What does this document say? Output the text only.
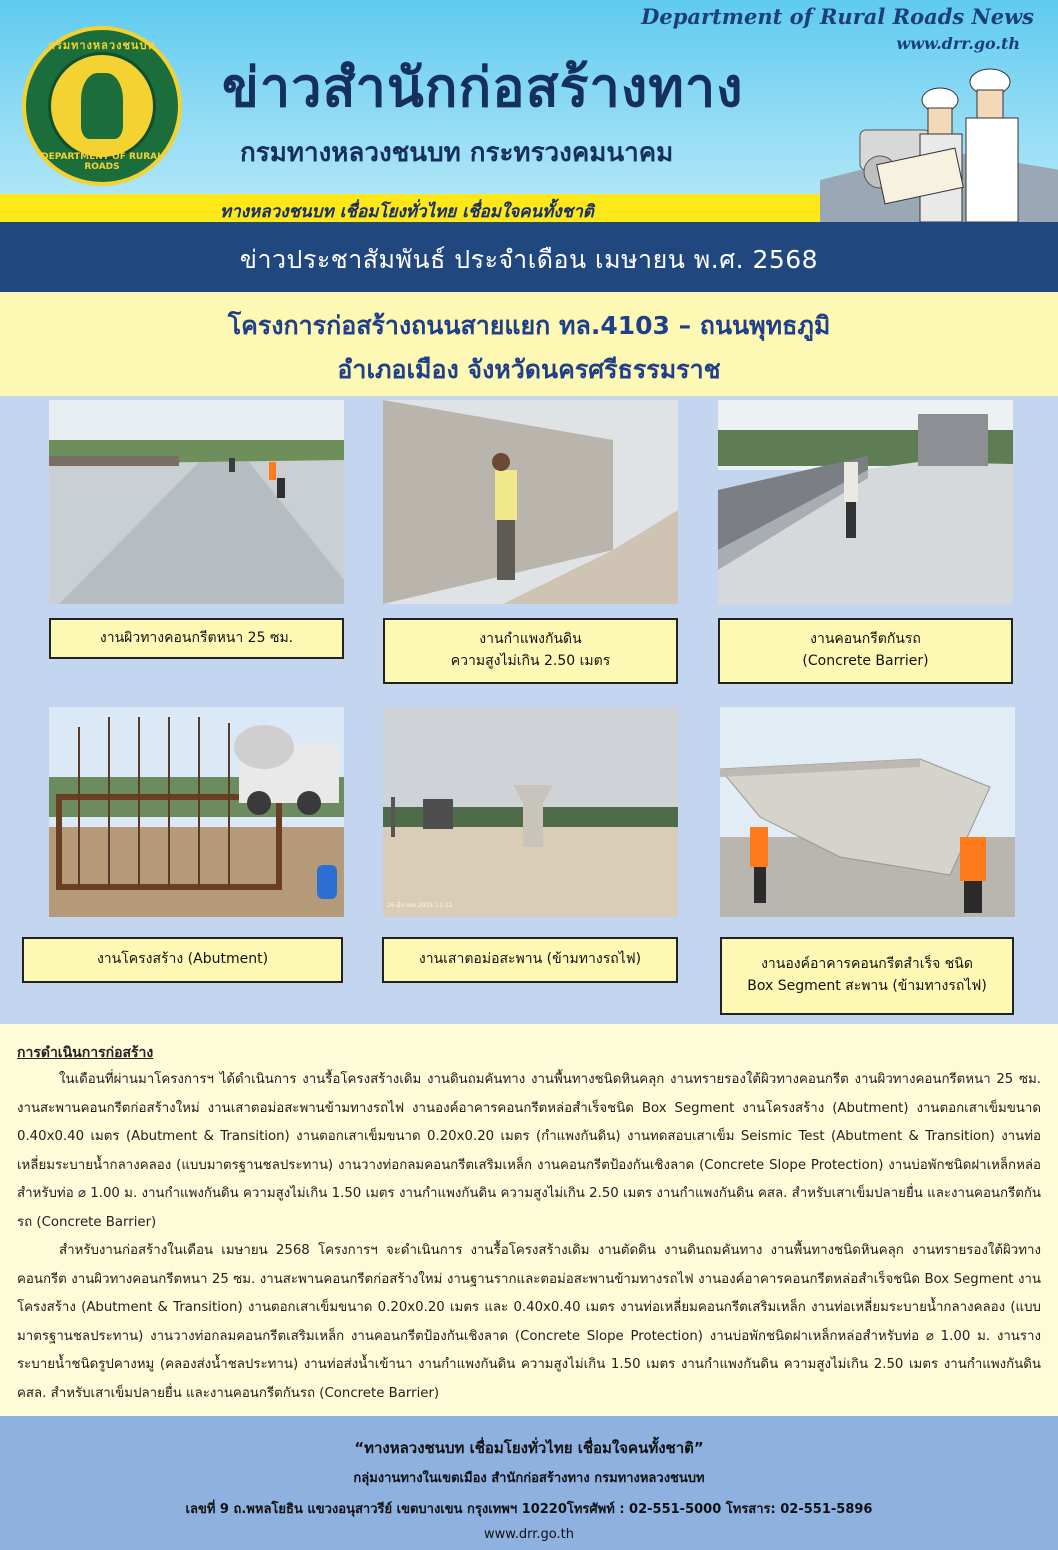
กรมทางหลวงชนบท
DEPARTMENT OF RURAL ROADS
Department of Rural Roads News
www.drr.go.th
ข่าวสำนักก่อสร้างทาง
กรมทางหลวงชนบท กระทรวงคมนาคม
ทางหลวงชนบท เชื่อมโยงทั่วไทย เชื่อมใจคนทั้งชาติ
ข่าวประชาสัมพันธ์ ประจำเดือน เมษายน พ.ศ. 2568
โครงการก่อสร้างถนนสายแยก ทล.4103 – ถนนพุทธภูมิ
อำเภอเมือง จังหวัดนครศรีธรรมราช
งานผิวทางคอนกรีตหนา 25 ซม.	งานกำแพงกันดิน
ความสูงไม่เกิน 2.50 เมตร
งานคอนกรีตกันรถ
(Concrete Barrier)
งานโครงสร้าง (Abutment)
26 มีนาคม 2025 11:22
งานเสาตอม่อสะพาน (ข้ามทางรถไฟ)	งานองค์อาคารคอนกรีตสำเร็จ ชนิด
Box Segment สะพาน (ข้ามทางรถไฟ)
การดำเนินการก่อสร้าง

ในเดือนที่ผ่านมาโครงการฯ ได้ดำเนินการ งานรื้อโครงสร้างเดิม งานดินถมคันทาง งานพื้นทางชนิดหินคลุก งานทรายรองใต้ผิวทางคอนกรีต งานผิวทางคอนกรีตหนา 25 ซม. งานสะพานคอนกรีตก่อสร้างใหม่ งานเสาตอม่อสะพานข้ามทางรถไฟ งานองค์อาคารคอนกรีตหล่อสำเร็จชนิด Box Segment งานโครงสร้าง (Abutment) งานตอกเสาเข็มขนาด 0.40x0.40 เมตร (Abutment & Transition) งานตอกเสาเข็มขนาด 0.20x0.20 เมตร (กำแพงกันดิน) งานทดสอบเสาเข็ม Seismic Test (Abutment & Transition) งานท่อเหลี่ยมระบายน้ำกลางคลอง (แบบมาตรฐานชลประทาน) งานวางท่อกลมคอนกรีตเสริมเหล็ก งานคอนกรีตป้องกันเชิงลาด (Concrete Slope Protection) งานบ่อพักชนิดฝาเหล็กหล่อสำหรับท่อ ⌀ 1.00 ม. งานกำแพงกันดิน ความสูงไม่เกิน 1.50 เมตร งานกำแพงกันดิน ความสูงไม่เกิน 2.50 เมตร งานกำแพงกันดิน คสล. สำหรับเสาเข็มปลายยื่น และงานคอนกรีตกันรถ (Concrete Barrier)

สำหรับงานก่อสร้างในเดือน เมษายน 2568 โครงการฯ จะดำเนินการ งานรื้อโครงสร้างเดิม งานตัดดิน งานดินถมคันทาง งานพื้นทางชนิดหินคลุก งานทรายรองใต้ผิวทางคอนกรีต งานผิวทางคอนกรีตหนา 25 ซม. งานสะพานคอนกรีตก่อสร้างใหม่ งานฐานรากและตอม่อสะพานข้ามทางรถไฟ งานองค์อาคารคอนกรีตหล่อสำเร็จชนิด Box Segment งานโครงสร้าง (Abutment & Transition) งานตอกเสาเข็มขนาด 0.20x0.20 เมตร และ 0.40x0.40 เมตร งานท่อเหลี่ยมคอนกรีตเสริมเหล็ก งานท่อเหลี่ยมระบายน้ำกลางคลอง (แบบมาตรฐานชลประทาน) งานวางท่อกลมคอนกรีตเสริมเหล็ก งานคอนกรีตป้องกันเชิงลาด (Concrete Slope Protection) งานบ่อพักชนิดฝาเหล็กหล่อสำหรับท่อ ⌀ 1.00 ม. งานรางระบายน้ำชนิดรูปคางหมู (คลองส่งน้ำชลประทาน) งานท่อส่งน้ำเข้านา งานกำแพงกันดิน ความสูงไม่เกิน 1.50 เมตร งานกำแพงกันดิน ความสูงไม่เกิน 2.50 เมตร งานกำแพงกันดิน คสล. สำหรับเสาเข็มปลายยื่น และงานคอนกรีตกันรถ (Concrete Barrier)

“ทางหลวงชนบท เชื่อมโยงทั่วไทย เชื่อมใจคนทั้งชาติ”
กลุ่มงานทางในเขตเมือง สำนักก่อสร้างทาง กรมทางหลวงชนบท
เลขที่ 9 ถ.พหลโยธิน แขวงอนุสาวรีย์ เขตบางเขน กรุงเทพฯ 10220โทรศัพท์ : 02-551-5000 โทรสาร: 02-551-5896
www.drr.go.th
